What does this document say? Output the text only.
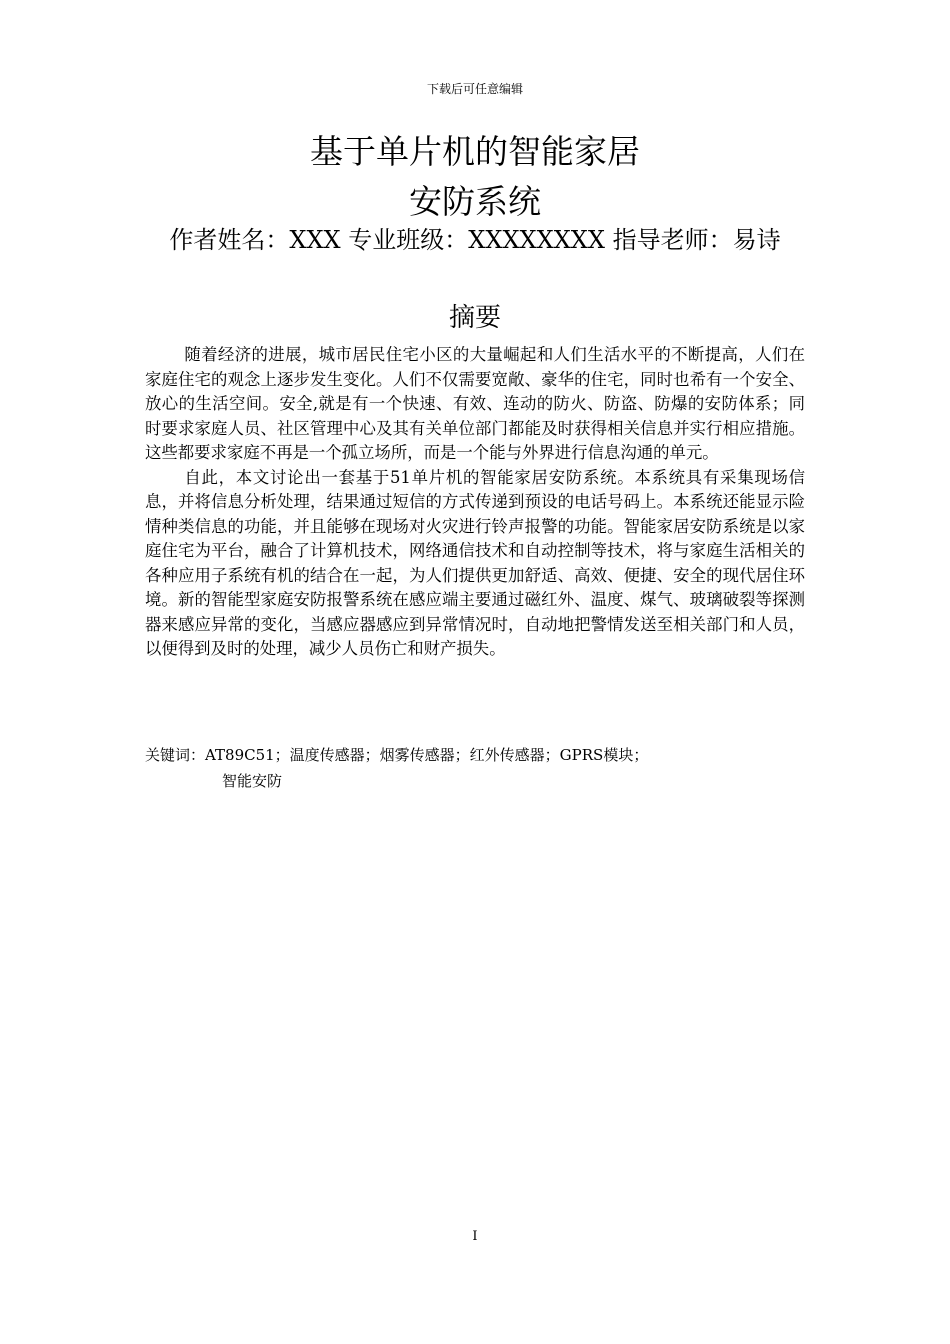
下载后可任意编辑
基于单片机的智能家居
安防系统
作者姓名：XXX 专业班级：XXXXXXXX 指导老师：易诗
摘要

随着经济的进展，城市居民住宅小区的大量崛起和人们生活水平的不断提高，人们在家庭住宅的观念上逐步发生变化。人们不仅需要宽敞、豪华的住宅，同时也希有一个安全、放心的生活空间。安全,就是有一个快速、有效、连动的防火、防盗、防爆的安防体系；同时要求家庭人员、社区管理中心及其有关单位部门都能及时获得相关信息并实行相应措施。这些都要求家庭不再是一个孤立场所，而是一个能与外界进行信息沟通的单元。

自此，本文讨论出一套基于51单片机的智能家居安防系统。本系统具有采集现场信息，并将信息分析处理，结果通过短信的方式传递到预设的电话号码上。本系统还能显示险情种类信息的功能，并且能够在现场对火灾进行铃声报警的功能。智能家居安防系统是以家庭住宅为平台，融合了计算机技术，网络通信技术和自动控制等技术，将与家庭生活相关的各种应用子系统有机的结合在一起，为人们提供更加舒适、高效、便捷、安全的现代居住环境。新的智能型家庭安防报警系统在感应端主要通过磁红外、温度、煤气、玻璃破裂等探测器来感应异常的变化，当感应器感应到异常情况时，自动地把警情发送至相关部门和人员，以便得到及时的处理，减少人员伤亡和财产损失。

关键词：AT89C51；温度传感器；烟雾传感器；红外传感器；GPRS模块；
智能安防
I
